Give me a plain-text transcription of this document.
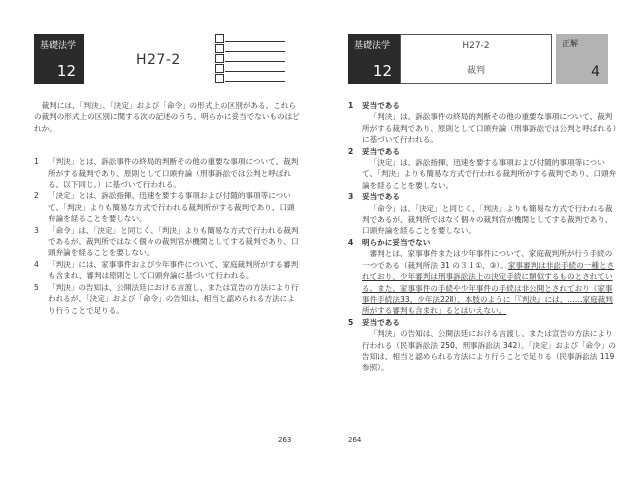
基礎法学
12
H27-2

裁判には、「判決」、「決定」および「命令」の形式上の区別がある。これらの裁判の形式上の区別に関する次の記述のうち、明らかに妥当でないものはどれか。

1	「判決」とは、訴訟事件の終局的判断その他の重要な事項について、裁判所がする裁判であり、原則として口頭弁論（刑事訴訟では公判と呼ばれる。以下同じ。）に基づいて行われる。
2	「決定」とは、訴訟指揮、迅速を要する事項および付随的事項等について、「判決」よりも簡易な方式で行われる裁判所がする裁判であり、口頭弁論を経ることを要しない。
3	「命令」は、「決定」と同じく、「判決」よりも簡易な方式で行われる裁判であるが、裁判所ではなく個々の裁判官が機関としてする裁判であり、口頭弁論を経ることを要しない。
4	「判決」には、家事事件および少年事件について、家庭裁判所がする審判も含まれ、審判は原則として口頭弁論に基づいて行われる。
5	「判決」の告知は、公開法廷における言渡し、または宣告の方法により行われるが、「決定」および「命令」の告知は、相当と認められる方法により行うことで足りる。
263
基礎法学
12
H27-2
裁判
正解
4
1	妥当である

「判決」は、訴訟事件の終局的判断その他の重要な事項について、裁判所がする裁判であり、原則として口頭弁論（刑事訴訟では公判と呼ばれる）に基づいて行われる。

2	妥当である

「決定」は、訴訟指揮、迅速を要する事項および付随的事項等について、「判決」よりも簡易な方式で行われる裁判所がする裁判であり、口頭弁論を経ることを要しない。

3	妥当である

「命令」は、「決定」と同じく、「判決」よりも簡易な方式で行われる裁判であるが、裁判所ではなく個々の裁判官が機関としてする裁判であり、口頭弁論を経ることを要しない。

4	明らかに妥当でない

審判とは、家事事件または少年事件について、家庭裁判所が行う手続の一つである（裁判所法 31 の３１①、③）。家事審判は非訟手続の一種とされており、少年審判は刑事訴訟法上の決定手続に類似するものとされている。また、家事事件の手続や少年事件の手続は非公開とされており（家事事件手続法33、少年法22Ⅱ）、本肢のように「『判決』には、……家庭裁判所がする審判も含まれ」るとはいえない。

5	妥当である

「判決」の告知は、公開法廷における言渡し、または宣告の方法により行われる（民事訴訟法 250、刑事訴訟法 342）。「決定」および「命令」の告知は、相当と認められる方法により行うことで足りる（民事訴訟法 119 参照）。

264
